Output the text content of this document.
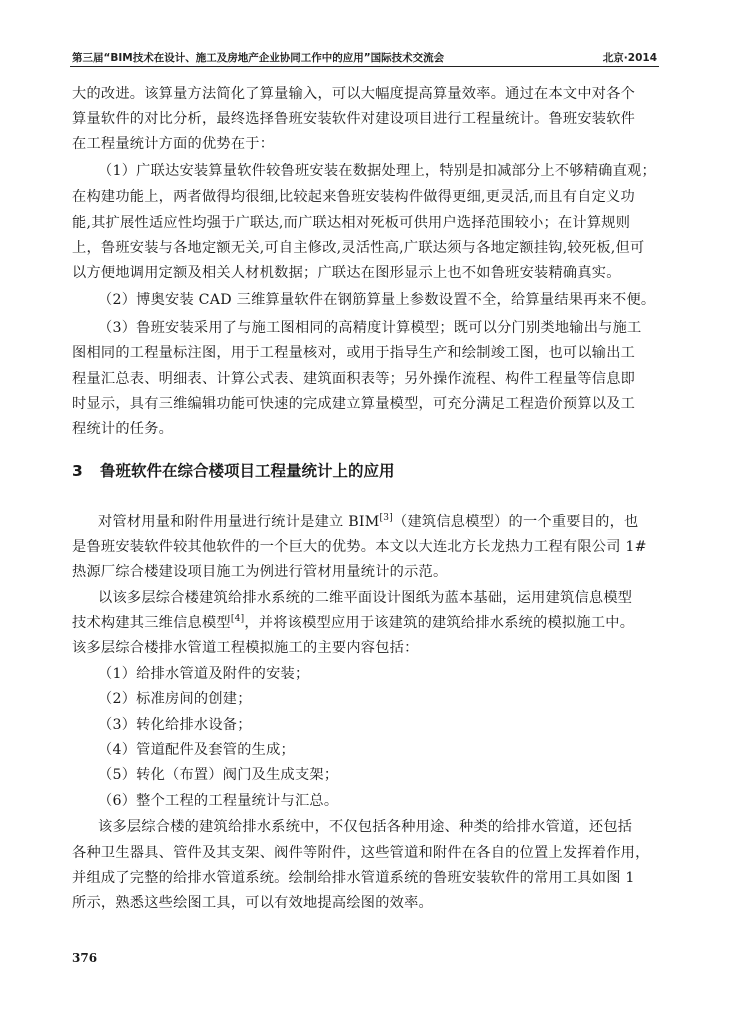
第三届“BIM技术在设计、施工及房地产企业协同工作中的应用”国际技术交流会	北京·2014
大的改进。该算量方法简化了算量输入，可以大幅度提高算量效率。通过在本文中对各个
算量软件的对比分析，最终选择鲁班安装软件对建设项目进行工程量统计。鲁班安装软件
在工程量统计方面的优势在于：
（1）广联达安装算量软件较鲁班安装在数据处理上，特别是扣减部分上不够精确直观；
在构建功能上，两者做得均很细,比较起来鲁班安装构件做得更细,更灵活,而且有自定义功
能,其扩展性适应性均强于广联达,而广联达相对死板可供用户选择范围较小；在计算规则
上，鲁班安装与各地定额无关,可自主修改,灵活性高,广联达须与各地定额挂钩,较死板,但可
以方便地调用定额及相关人材机数据；广联达在图形显示上也不如鲁班安装精确真实。
（2）博奥安装 CAD 三维算量软件在钢筋算量上参数设置不全，给算量结果再来不便。
（3）鲁班安装采用了与施工图相同的高精度计算模型；既可以分门别类地输出与施工
图相同的工程量标注图，用于工程量核对，或用于指导生产和绘制竣工图，也可以输出工
程量汇总表、明细表、计算公式表、建筑面积表等；另外操作流程、构件工程量等信息即
时显示，具有三维编辑功能可快速的完成建立算量模型，可充分满足工程造价预算以及工
程统计的任务。
3 鲁班软件在综合楼项目工程量统计上的应用
对管材用量和附件用量进行统计是建立 BIM[3]（建筑信息模型）的一个重要目的，也
是鲁班安装软件较其他软件的一个巨大的优势。本文以大连北方长龙热力工程有限公司 1#
热源厂综合楼建设项目施工为例进行管材用量统计的示范。
以该多层综合楼建筑给排水系统的二维平面设计图纸为蓝本基础，运用建筑信息模型
技术构建其三维信息模型[4]，并将该模型应用于该建筑的建筑给排水系统的模拟施工中。
该多层综合楼排水管道工程模拟施工的主要内容包括：
（1）给排水管道及附件的安装；
（2）标准房间的创建；
（3）转化给排水设备；
（4）管道配件及套管的生成；
（5）转化（布置）阀门及生成支架；
（6）整个工程的工程量统计与汇总。
该多层综合楼的建筑给排水系统中，不仅包括各种用途、种类的给排水管道，还包括
各种卫生器具、管件及其支架、阀件等附件，这些管道和附件在各自的位置上发挥着作用，
并组成了完整的给排水管道系统。绘制给排水管道系统的鲁班安装软件的常用工具如图 1
所示，熟悉这些绘图工具，可以有效地提高绘图的效率。
376
